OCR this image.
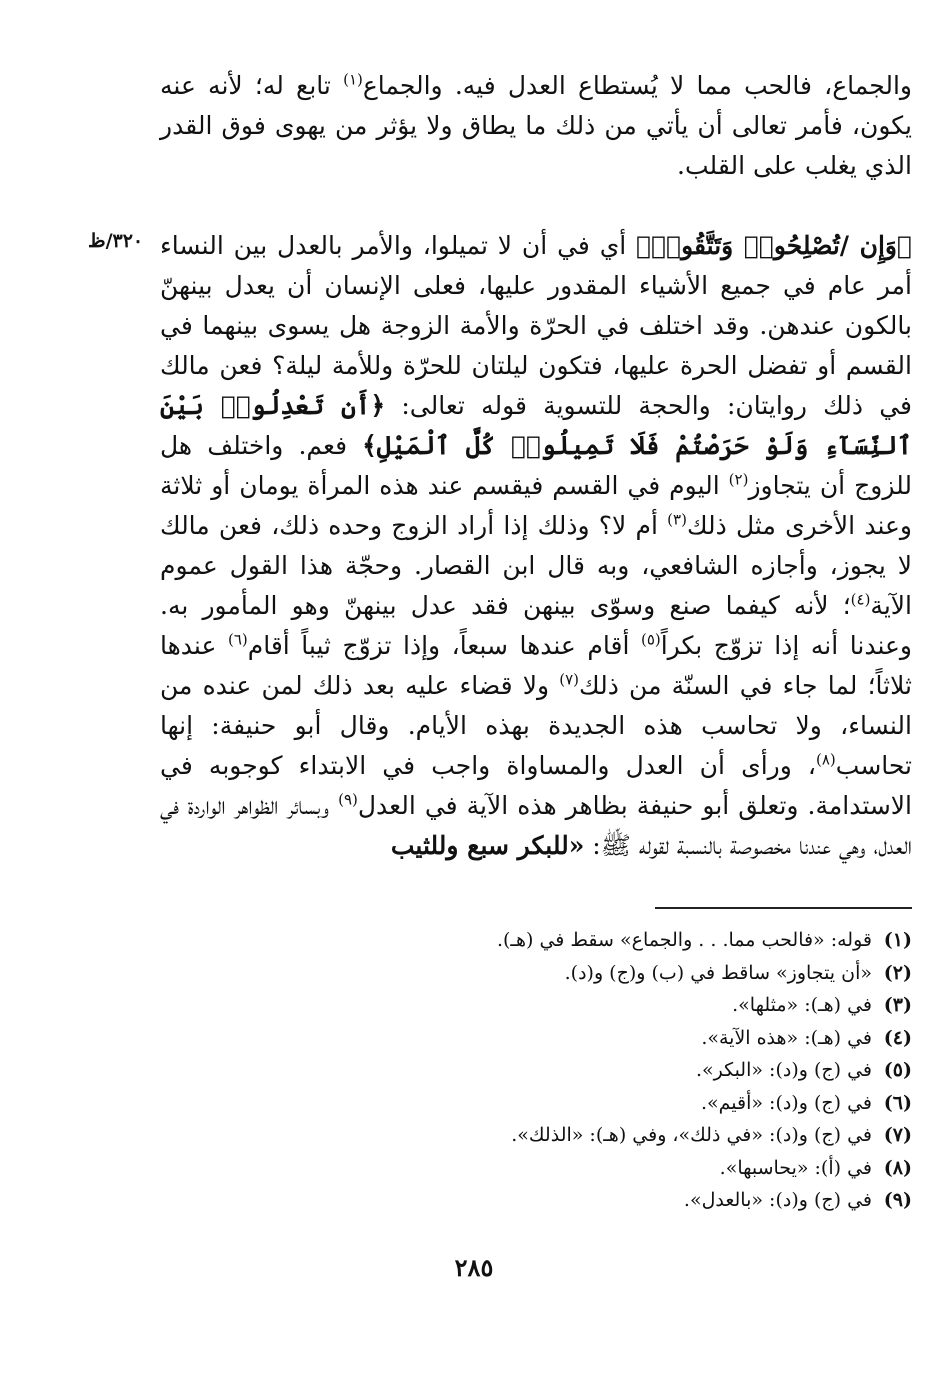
٣٢٠/ظ

والجماع، فالحب مما لا يُستطاع العدل فيه. والجماع$^{(١)}$ تابع له؛ لأنه عنه يكون، فأمر تعالى أن يأتي من ذلك ما يطاق ولا يؤثر من يهوى فوق القدر الذي يغلب على القلب.

﴿وَإِن /تُصْلِحُوا۟ وَتَتَّقُوا۟﴾ أي في أن لا تميلوا، والأمر بالعدل بين النساء أمر عام في جميع الأشياء المقدور عليها، فعلى الإنسان أن يعدل بينهنّ بالكون عندهن. وقد اختلف في الحرّة والأمة الزوجة هل يسوى بينهما في القسم أو تفضل الحرة عليها، فتكون ليلتان للحرّة وللأمة ليلة؟ فعن مالك في ذلك روايتان: والحجة للتسوية قوله تعالى: ﴿أَن تَعْدِلُوا۟ بَيْنَ ٱلنِّسَآءِ وَلَوْ حَرَصْتُمْ فَلَا تَمِيلُوا۟ كُلَّ ٱلْمَيْلِ﴾ فعم. واختلف هل للزوج أن يتجاوز$^{(٢)}$ اليوم في القسم فيقسم عند هذه المرأة يومان أو ثلاثة وعند الأخرى مثل ذلك$^{(٣)}$ أم لا؟ وذلك إذا أراد الزوج وحده ذلك، فعن مالك لا يجوز، وأجازه الشافعي، وبه قال ابن القصار. وحجّة هذا القول عموم الآية$^{(٤)}$؛ لأنه كيفما صنع وسوّى بينهن فقد عدل بينهنّ وهو المأمور به. وعندنا أنه إذا تزوّج بكراً$^{(٥)}$ أقام عندها سبعاً، وإذا تزوّج ثيباً أقام$^{(٦)}$ عندها ثلاثاً؛ لما جاء في السنّة من ذلك$^{(٧)}$ ولا قضاء عليه بعد ذلك لمن عنده من النساء، ولا تحاسب هذه الجديدة بهذه الأيام. وقال أبو حنيفة: إنها تحاسب$^{(٨)}$، ورأى أن العدل والمساواة واجب في الابتداء كوجوبه في الاستدامة. وتعلق أبو حنيفة بظاهر هذه الآية في العدل$^{(٩)}$ وبسائر الظواهر الواردة في العدل، وهي عندنا مخصوصة بالنسبة لقوله ﷺ: «للبكر سبع وللثيب

(١)قوله: «فالحب مما. . . والجماع» سقط في (هـ).
(٢)«أن يتجاوز» ساقط في (ب) و(ج) و(د).
(٣)في (هـ): «مثلها».
(٤)في (هـ): «هذه الآية».
(٥)في (ج) و(د): «البكر».
(٦)في (ج) و(د): «أقيم».
(٧)في (ج) و(د): «في ذلك»، وفي (هـ): «الذلك».
(٨)في (أ): «يحاسبها».
(٩)في (ج) و(د): «بالعدل».
٢٨٥
